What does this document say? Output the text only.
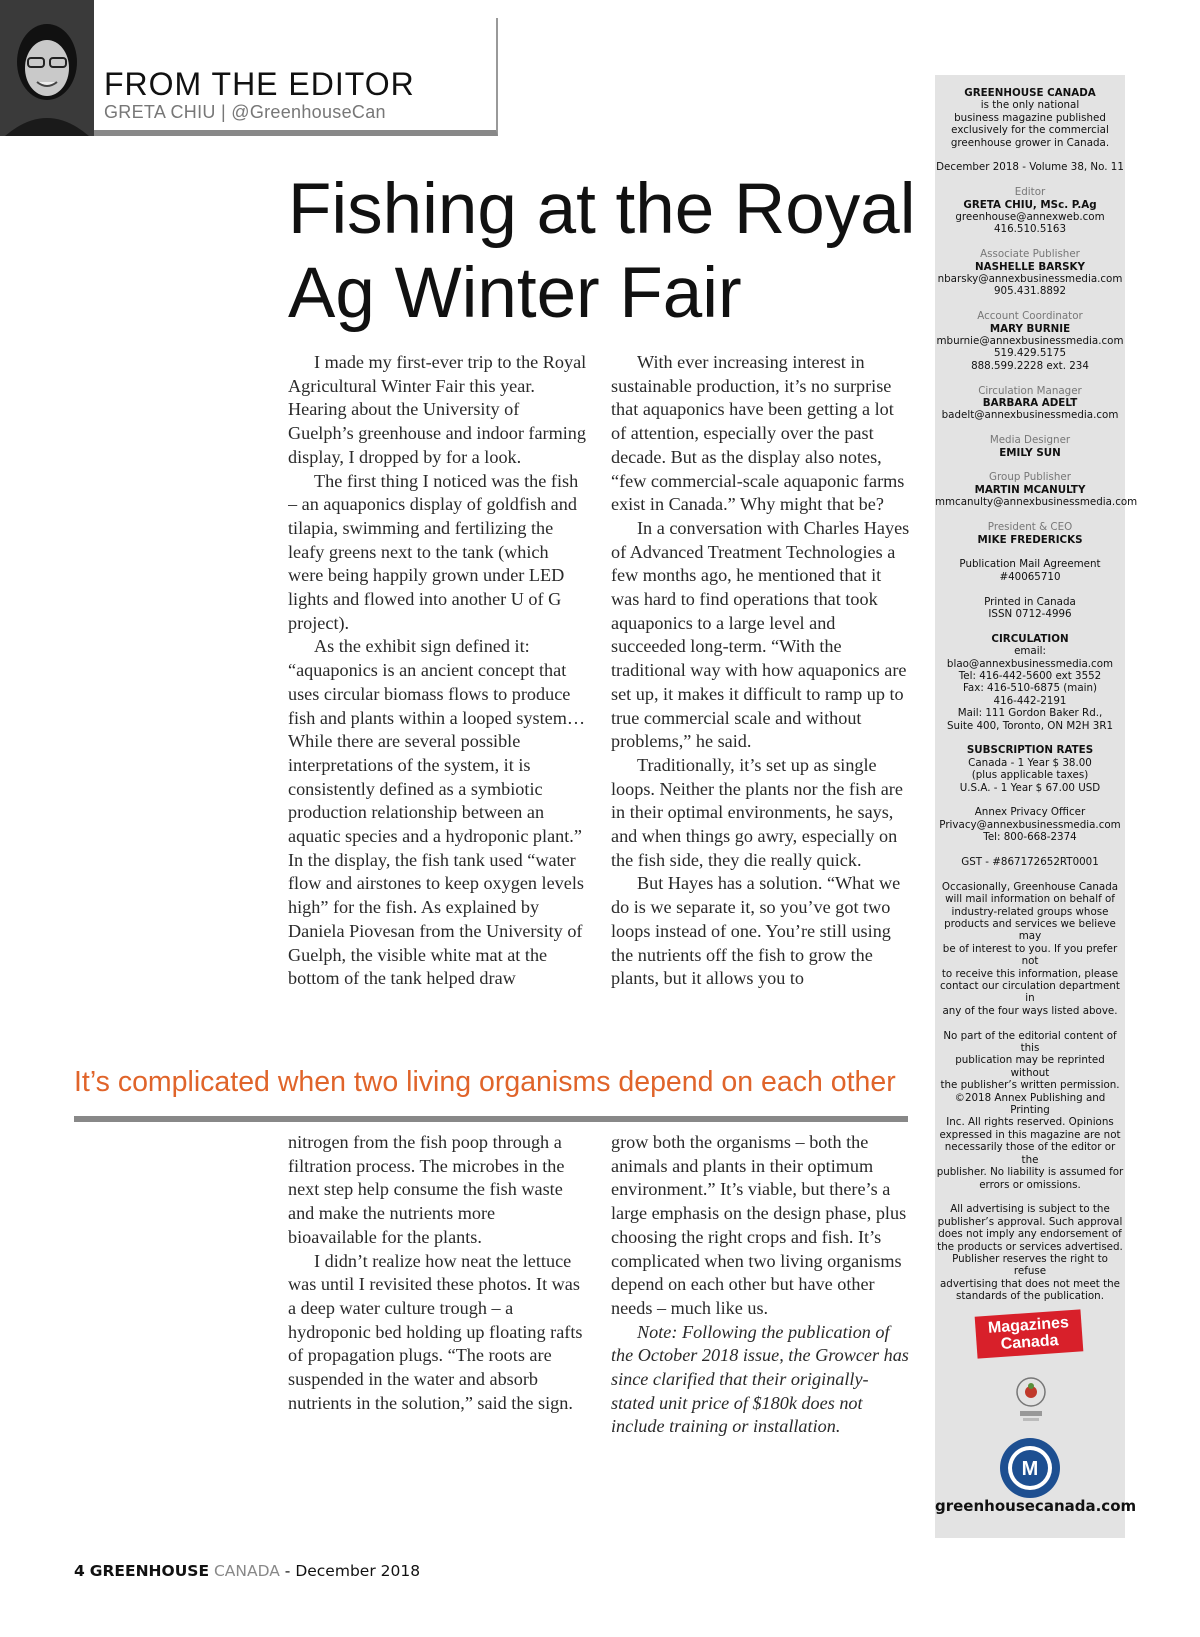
FROM THE EDITOR
GRETA CHIU | @GreenhouseCan
Fishing at the Royal
Ag Winter Fair

I made my first-ever trip to the Royal Agricultural Winter Fair this year. Hearing about the University of Guelph’s greenhouse and indoor farming display, I dropped by for a look.

The first thing I noticed was the fish – an aquaponics display of goldfish and tilapia, swimming and fertilizing the leafy greens next to the tank (which were being happily grown under LED lights and flowed into another U of G project).

As the exhibit sign defined it: “aquaponics is an ancient concept that uses circular biomass flows to produce fish and plants within a looped system…While there are several possible interpretations of the system, it is consistently defined as a symbiotic production relationship between an aquatic species and a hydroponic plant.” In the display, the fish tank used “water flow and airstones to keep oxygen levels high” for the fish. As explained by Daniela Piovesan from the University of Guelph, the visible white mat at the bottom of the tank helped draw

With ever increasing interest in sustainable production, it’s no surprise that aquaponics have been getting a lot of attention, especially over the past decade. But as the display also notes, “few commercial-scale aquaponic farms exist in Canada.” Why might that be?

In a conversation with Charles Hayes of Advanced Treatment Technologies a few months ago, he mentioned that it was hard to find operations that took aquaponics to a large level and succeeded long-term. “With the traditional way with how aquaponics are set up, it makes it difficult to ramp up to true commercial scale and without problems,” he said.

Traditionally, it’s set up as single loops. Neither the plants nor the fish are in their optimal environments, he says, and when things go awry, especially on the fish side, they die really quick.

But Hayes has a solution. “What we do is we separate it, so you’ve got two loops instead of one. You’re still using the nutrients off the fish to grow the plants, but it allows you to

It’s complicated when two living organisms depend on each other

nitrogen from the fish poop through a filtration process. The microbes in the next step help consume the fish waste and make the nutrients more bioavailable for the plants.

I didn’t realize how neat the lettuce was until I revisited these photos. It was a deep water culture trough – a hydroponic bed holding up floating rafts of propagation plugs. “The roots are suspended in the water and absorb nutrients in the solution,” said the sign.

grow both the organisms – both the animals and plants in their optimum environment.” It’s viable, but there’s a large emphasis on the design phase, plus choosing the right crops and fish. It’s complicated when two living organisms depend on each other but have other needs – much like us.

Note: Following the publication of the October 2018 issue, the Growcer has since clarified that their originally-stated unit price of $180k does not include training or installation.

GREENHOUSE CANADA
is the only national
business magazine published
exclusively for the commercial
greenhouse grower in Canada.
December 2018 - Volume 38, No. 11
Editor
GRETA CHIU, MSc. P.Ag
greenhouse@annexweb.com
416.510.5163
Associate Publisher
NASHELLE BARSKY
nbarsky@annexbusinessmedia.com
905.431.8892
Account Coordinator
MARY BURNIE
mburnie@annexbusinessmedia.com
519.429.5175
888.599.2228 ext. 234
Circulation Manager
BARBARA ADELT
badelt@annexbusinessmedia.com
Media Designer
EMILY SUN
Group Publisher
MARTIN MCANULTY
mmcanulty@annexbusinessmedia.com
President & CEO
MIKE FREDERICKS
Publication Mail Agreement
#40065710
Printed in Canada
ISSN 0712-4996
CIRCULATION
email: blao@annexbusinessmedia.com
Tel: 416-442-5600 ext 3552
Fax: 416-510-6875 (main)
416-442-2191
Mail: 111 Gordon Baker Rd.,
Suite 400, Toronto, ON M2H 3R1
SUBSCRIPTION RATES
Canada - 1 Year $ 38.00
(plus applicable taxes)
U.S.A. - 1 Year $ 67.00 USD
Annex Privacy Officer
Privacy@annexbusinessmedia.com
Tel: 800-668-2374
GST - #867172652RT0001
Occasionally, Greenhouse Canada
will mail information on behalf of
industry-related groups whose
products and services we believe may
be of interest to you. If you prefer not
to receive this information, please
contact our circulation department in
any of the four ways listed above.
No part of the editorial content of this
publication may be reprinted without
the publisher’s written permission.
©2018 Annex Publishing and Printing
Inc. All rights reserved. Opinions
expressed in this magazine are not
necessarily those of the editor or the
publisher. No liability is assumed for
errors or omissions.
All advertising is subject to the
publisher’s approval. Such approval
does not imply any endorsement of
the products or services advertised.
Publisher reserves the right to refuse
advertising that does not meet the
standards of the publication.
Magazines
Canada
M
greenhousecanada.com
4 GREENHOUSE CANADA - December 2018
